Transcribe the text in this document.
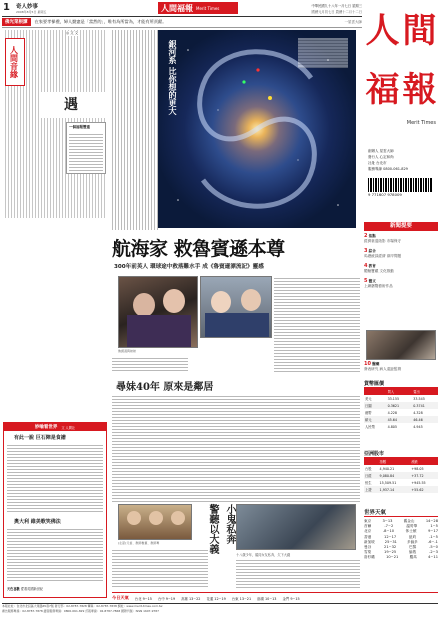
1 奇人妙事
2008年8月5日 星期五	人間福報 Merit Times	中華民國九十八年一月七日 星期三
國曆元月初七日 農曆十二月十二日
佛光菜根譚	在家要孝悌禮，婦人勤憲是「當然的」，唯有為所當為，才能有所貢獻。	一星雲大師
◎ 文 文
人間音緣
遇
一個福報雙重
妙喻看世界 文 人間社
有此一說 巨石陣是食譜
奧大利 維美歌笑佛法
天色喜歡 愛看英國新世紀
銀河系 比你想的更大
人 間
福 報
Merit Times
創辦人 星雲大師
發行人 心定和尚
社址 台北市
服務專線 0800-061-829
9 771607 978009
新聞提要
2 焦點
經濟衰退陰影 市場保守
3 綜合
馬總統談經濟 兩岸問題
4 教育
體驗寶藏 文化推動
5 藝文
上網瀏覽藝術作品
10 醫藥
發表研究 病人遠距監測
貨幣匯價
	買入	賣出
美元	33.155	33.545
日圓	0.3621	0.3741
港幣	4.228	4.328
歐元	45.64	46.46
人民幣	4.805	4.945
亞洲股市
	指數	漲跌
台股	4,940.21	+98.05
日經	9,080.84	+37.72
恒生	15,509.51	+945.55
上證	1,937.14	+55.62
世界天氣
東京	3~13	舊金山	14~28
首爾	-7~2	溫哥華	1~5
北京	-8~10	休士頓	9~17
香港	12~17	紐約	-1~5
新加坡	25~31	多倫多	-6~-1
曼谷	21~32	巴黎	-5~0
雪梨	19~25	倫敦	-2~3
洛杉磯	10~21	羅馬	4~11
航海家 救魯賓遜本尊
300年前英人 環球途中救落難水手 成《魯賓遜漂流記》靈感
魯賓遜與妹妹
尋妹40年 原來是鄰居
(左起)元首、教師魯賓、教師專	警聽以大義 小鬼私奔
十八歲少年，隨同女友私奔，欠下大錢
今日天氣 台北 9~15 台中 9~19 高雄 13~22 花蓮 12~19 台東 13~21 澎湖 10~13 金門 9~15
本報社址：台北市北投區大業路65巷7號 發行部：02-8787-7828 傳真：02-8787-7838 網址：www.merit-times.com.tw
廣告服務專線：02-8787-7878 讀者服務專線：0800-061-829 訂報專線：02-8787-7868 國際刊號：ISSN 1607-9787
